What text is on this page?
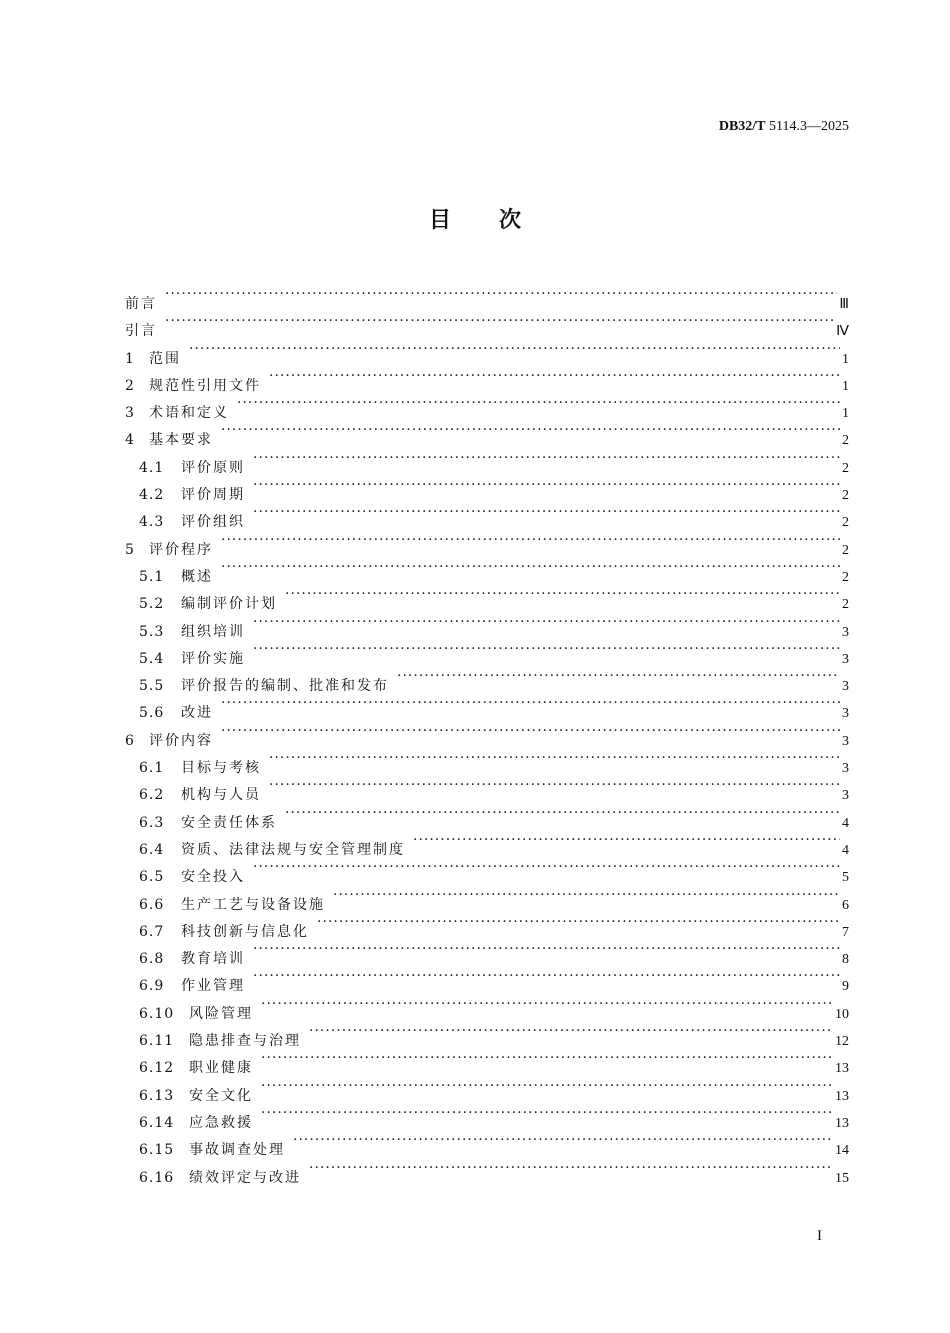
DB32/T 5114.3—2025
目次
前言 ·····	Ⅲ
引言 ·····	Ⅳ
1	范围 ·····	1
2	规范性引用文件 ·····	1
3	术语和定义 ·····	1
4	基本要求 ·····	2
4.1	评价原则 ·····	2
4.2	评价周期 ·····	2
4.3	评价组织 ·····	2
5	评价程序 ·····	2
5.1	概述 ·····	2
5.2	编制评价计划 ·····	2
5.3	组织培训 ·····	3
5.4	评价实施 ·····	3
5.5	评价报告的编制、批准和发布 ·····	3
5.6	改进 ·····	3
6	评价内容 ·····	3
6.1	目标与考核 ·····	3
6.2	机构与人员 ·····	3
6.3	安全责任体系 ·····	4
6.4	资质、法律法规与安全管理制度 ·····	4
6.5	安全投入 ·····	5
6.6	生产工艺与设备设施 ·····	6
6.7	科技创新与信息化 ·····	7
6.8	教育培训 ·····	8
6.9	作业管理 ·····	9
6.10	风险管理 ·····	10
6.11	隐患排查与治理 ·····	12
6.12	职业健康 ·····	13
6.13	安全文化 ·····	13
6.14	应急救援 ·····	13
6.15	事故调查处理 ·····	14
6.16	绩效评定与改进 ·····	15
I
